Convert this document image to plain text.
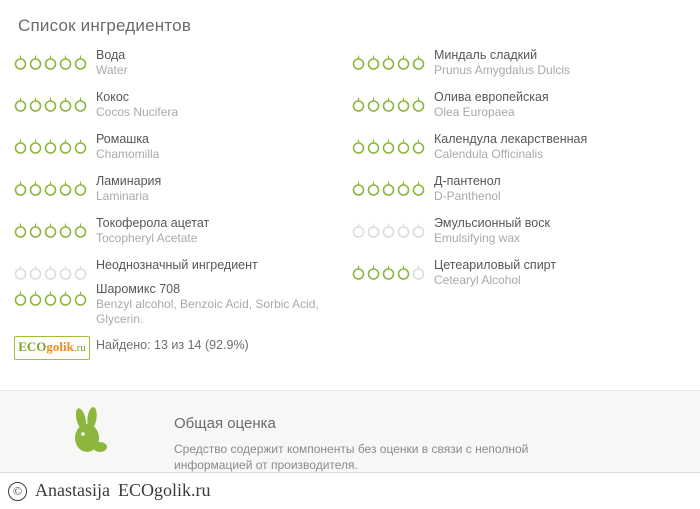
Список ингредиентов
Вода
Water
Кокос
Cocos Nucifera
Ромашка
Chamomilla
Ламинария
Laminaria
Токоферола ацетат
Tocopheryl Acetate
Неоднозначный ингредиент
Миндаль сладкий
Prunus Amygdalus Dulcis
Олива европейская
Olea Europaea
Календула лекарственная
Calendula Officinalis
Д-пантенол
D-Panthenol
Эмульсионный воск
Emulsifying wax
Цетеариловый спирт
Cetearyl Alcohol
Шаромикс 708
Benzyl alcohol, Benzoic Acid, Sorbic Acid, Glycerin.
ECOgolik.ru Найдено: 13 из 14 (92.9%)
Общая оценка
Средство содержит компоненты без оценки в связи с неполной информацией от производителя.
© Anastasija ECOgolik.ru
